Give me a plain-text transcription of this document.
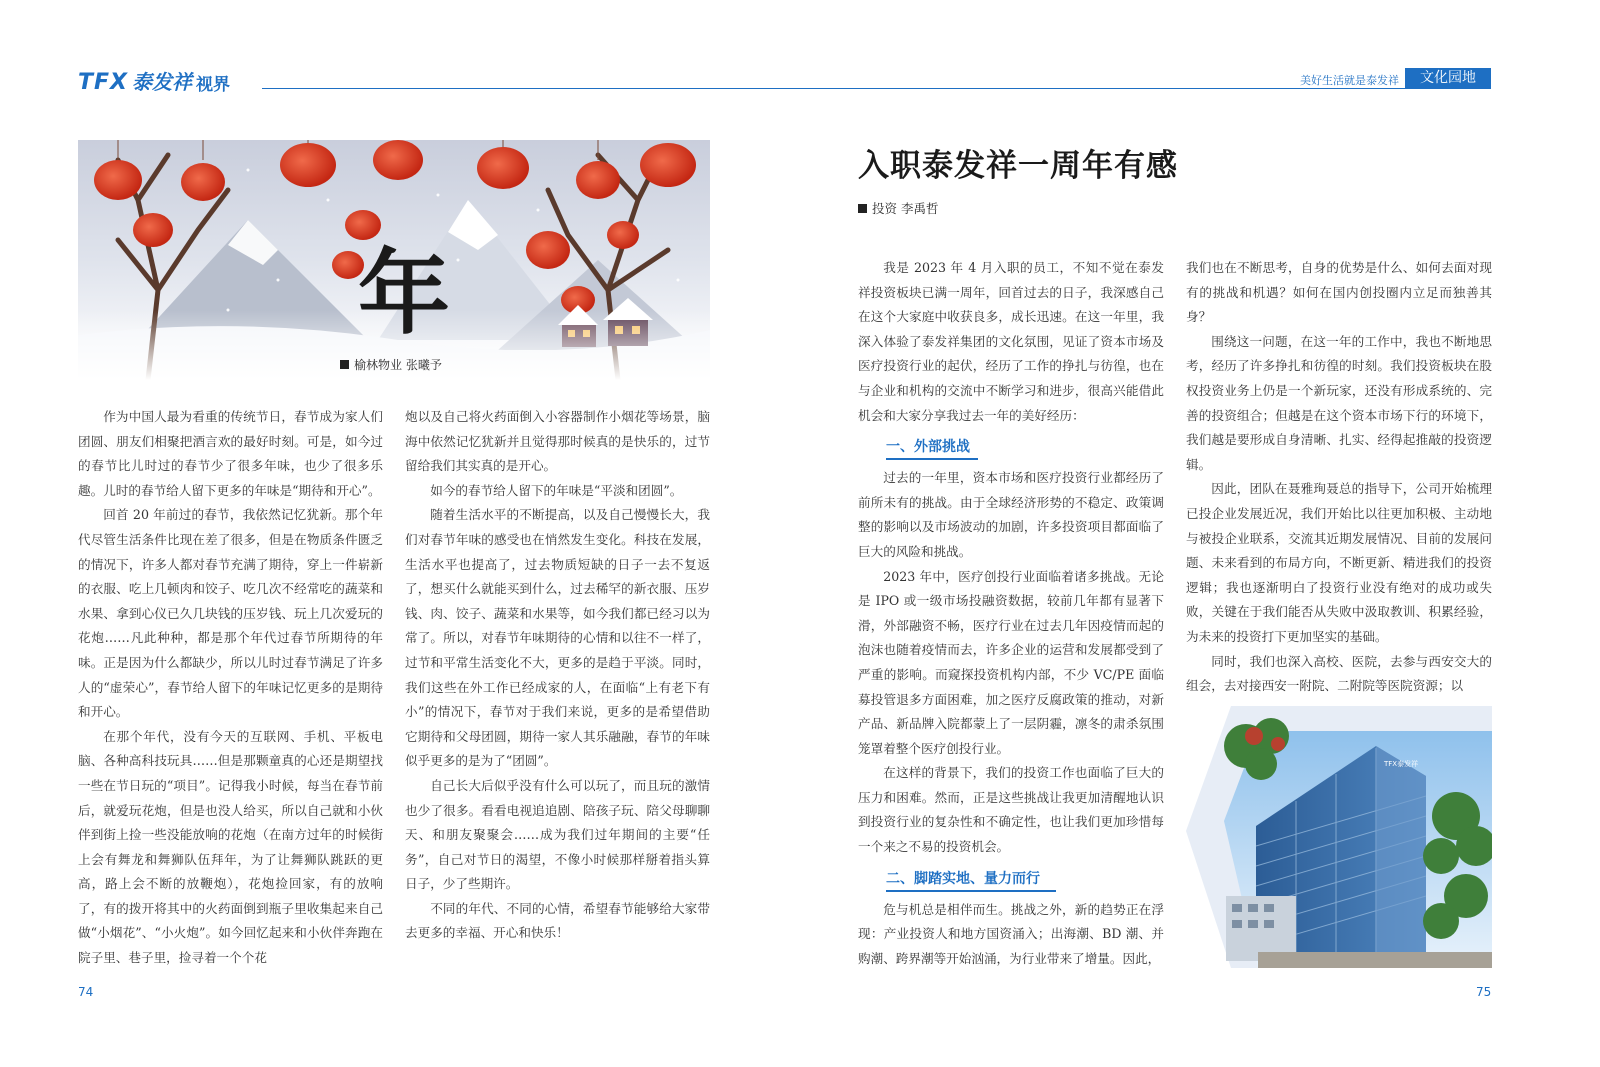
TFX 泰发祥 视界	美好生活就是泰发祥	文化园地
年
榆林物业 张曦予

作为中国人最为看重的传统节日，春节成为家人们团圆、朋友们相聚把酒言欢的最好时刻。可是，如今过的春节比儿时过的春节少了很多年味，也少了很多乐趣。儿时的春节给人留下更多的年味是“期待和开心”。

回首 20 年前过的春节，我依然记忆犹新。那个年代尽管生活条件比现在差了很多，但是在物质条件匮乏的情况下，许多人都对春节充满了期待，穿上一件崭新的衣服、吃上几顿肉和饺子、吃几次不经常吃的蔬菜和水果、拿到心仪已久几块钱的压岁钱、玩上几次爱玩的花炮……凡此种种，都是那个年代过春节所期待的年味。正是因为什么都缺少，所以儿时过春节满足了许多人的“虚荣心”，春节给人留下的年味记忆更多的是期待和开心。

在那个年代，没有今天的互联网、手机、平板电脑、各种高科技玩具……但是那颗童真的心还是期望找一些在节日玩的“项目”。记得我小时候，每当在春节前后，就爱玩花炮，但是也没人给买，所以自己就和小伙伴到街上捡一些没能放响的花炮（在南方过年的时候街上会有舞龙和舞狮队伍拜年，为了让舞狮队跳跃的更高，路上会不断的放鞭炮），花炮捡回家，有的放响了，有的拨开将其中的火药面倒到瓶子里收集起来自己做“小烟花”、“小火炮”。如今回忆起来和小伙伴奔跑在院子里、巷子里，捡寻着一个个花

炮以及自己将火药面倒入小容器制作小烟花等场景，脑海中依然记忆犹新并且觉得那时候真的是快乐的，过节留给我们其实真的是开心。

如今的春节给人留下的年味是“平淡和团圆”。

随着生活水平的不断提高，以及自己慢慢长大，我们对春节年味的感受也在悄然发生变化。科技在发展，生活水平也提高了，过去物质短缺的日子一去不复返了，想买什么就能买到什么，过去稀罕的新衣服、压岁钱、肉、饺子、蔬菜和水果等，如今我们都已经习以为常了。所以，对春节年味期待的心情和以往不一样了，过节和平常生活变化不大，更多的是趋于平淡。同时，我们这些在外工作已经成家的人，在面临“上有老下有小”的情况下，春节对于我们来说，更多的是希望借助它期待和父母团圆，期待一家人其乐融融，春节的年味似乎更多的是为了“团圆”。

自己长大后似乎没有什么可以玩了，而且玩的激情也少了很多。看看电视追追剧、陪孩子玩、陪父母聊聊天、和朋友聚聚会……成为我们过年期间的主要“任务”，自己对节日的渴望，不像小时候那样掰着指头算日子，少了些期许。

不同的年代、不同的心情，希望春节能够给大家带去更多的幸福、开心和快乐！

入职泰发祥一周年有感
投资 李禹哲

我是 2023 年 4 月入职的员工，不知不觉在泰发祥投资板块已满一周年，回首过去的日子，我深感自己在这个大家庭中收获良多，成长迅速。在这一年里，我深入体验了泰发祥集团的文化氛围，见证了资本市场及医疗投资行业的起伏，经历了工作的挣扎与彷徨，也在与企业和机构的交流中不断学习和进步，很高兴能借此机会和大家分享我过去一年的美好经历：

一、外部挑战

过去的一年里，资本市场和医疗投资行业都经历了前所未有的挑战。由于全球经济形势的不稳定、政策调整的影响以及市场波动的加剧，许多投资项目都面临了巨大的风险和挑战。

2023 年中，医疗创投行业面临着诸多挑战。无论是 IPO 或一级市场投融资数据，较前几年都有显著下滑，外部融资不畅，医疗行业在过去几年因疫情而起的泡沫也随着疫情而去，许多企业的运营和发展都受到了严重的影响。而窥探投资机构内部，不少 VC/PE 面临募投管退多方面困难，加之医疗反腐政策的推动，对新产品、新品牌入院都蒙上了一层阴霾，凛冬的肃杀氛围笼罩着整个医疗创投行业。

在这样的背景下，我们的投资工作也面临了巨大的压力和困难。然而，正是这些挑战让我更加清醒地认识到投资行业的复杂性和不确定性，也让我们更加珍惜每一个来之不易的投资机会。

二、脚踏实地、量力而行

危与机总是相伴而生。挑战之外，新的趋势正在浮现：产业投资人和地方国资涌入；出海潮、BD 潮、并购潮、跨界潮等开始汹涌，为行业带来了增量。因此，

我们也在不断思考，自身的优势是什么、如何去面对现有的挑战和机遇？如何在国内创投圈内立足而独善其身？

围绕这一问题，在这一年的工作中，我也不断地思考，经历了许多挣扎和彷徨的时刻。我们投资板块在股权投资业务上仍是一个新玩家，还没有形成系统的、完善的投资组合；但越是在这个资本市场下行的环境下，我们越是要形成自身清晰、扎实、经得起推敲的投资逻辑。

因此，团队在聂雅珣聂总的指导下，公司开始梳理已投企业发展近况，我们开始比以往更加积极、主动地与被投企业联系，交流其近期发展情况、目前的发展问题、未来看到的布局方向，不断更新、精进我们的投资逻辑；我也逐渐明白了投资行业没有绝对的成功或失败，关键在于我们能否从失败中汲取教训、积累经验，为未来的投资打下更加坚实的基础。

同时，我们也深入高校、医院，去参与西安交大的组会，去对接西安一附院、二附院等医院资源；以

TFX泰发祥
74	75
